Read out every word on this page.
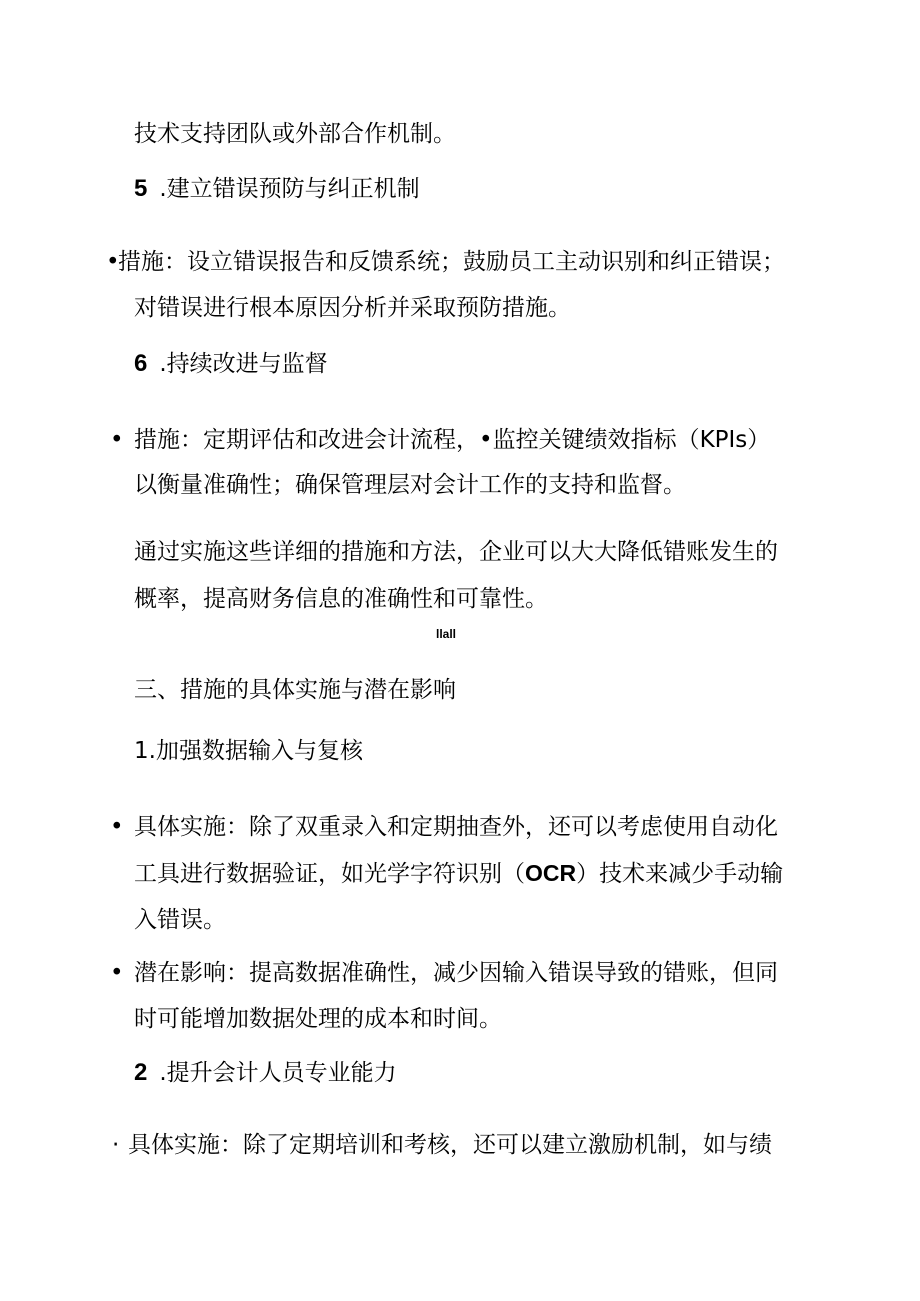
技术支持团队或外部合作机制。
5 .建立错误预防与纠正机制
•
措施：设立错误报告和反馈系统；鼓励员工主动识别和纠正错误；
对错误进行根本原因分析并采取预防措施。
6 .持续改进与监督
• 措施：定期评估和改进会计流程，•监控关键绩效指标（KPIs）
以衡量准确性；确保管理层对会计工作的支持和监督。
通过实施这些详细的措施和方法，企业可以大大降低错账发生的
概率，提高财务信息的准确性和可靠性。
llall
三、措施的具体实施与潜在影响
1.加强数据输入与复核
• 具体实施：除了双重录入和定期抽查外，还可以考虑使用自动化
工具进行数据验证，如光学字符识别（OCR）技术来减少手动输
入错误。
• 潜在影响：提高数据准确性，减少因输入错误导致的错账，但同
时可能增加数据处理的成本和时间。
2 .提升会计人员专业能力
· 具体实施：除了定期培训和考核，还可以建立激励机制，如与绩
